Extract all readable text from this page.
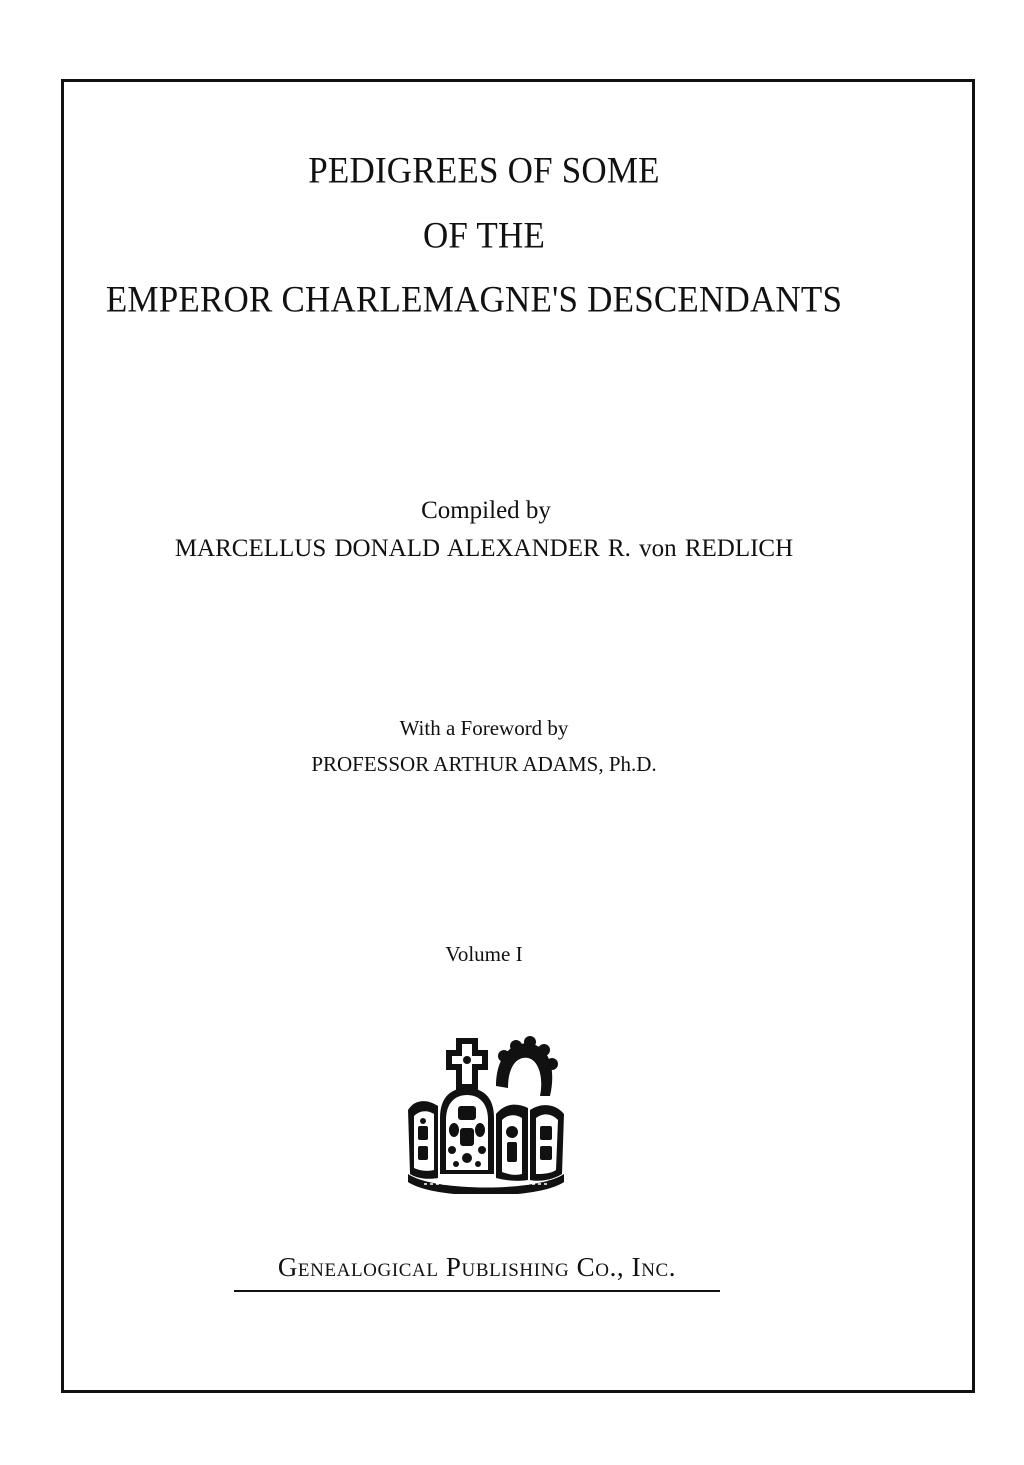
PEDIGREES OF SOME
OF THE
EMPEROR CHARLEMAGNE'S DESCENDANTS
Compiled by
MARCELLUS DONALD ALEXANDER R. von REDLICH
With a Foreword by
PROFESSOR ARTHUR ADAMS, Ph.D.
Volume I
Genealogical Publishing Co., Inc.
